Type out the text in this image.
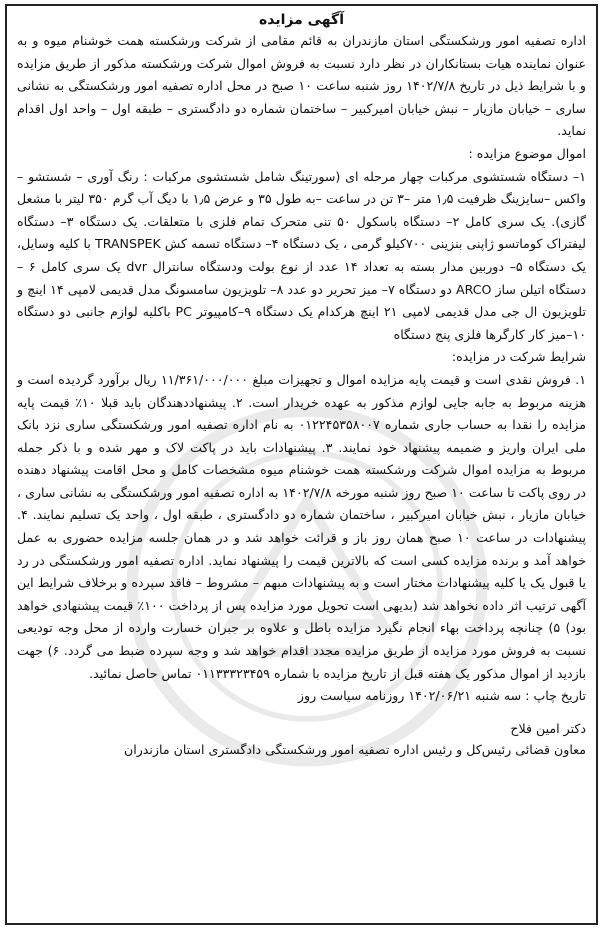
آگهی مزایده

اداره تصفیه امور ورشکستگی استان مازندران به قائم مقامی از شرکت ورشکسته همت خوشنام میوه و به عنوان نماینده هیات بستانکاران در نظر دارد نسبت به فروش اموال شرکت ورشکسته مذکور از طریق مزایده و با شرایط ذیل در تاریخ ۱۴۰۲/۷/۸ روز شنبه ساعت ۱۰ صبح در محل اداره تصفیه امور ورشکستگی به نشانی ساری – خیابان مازیار – نبش خیابان امیرکبیر – ساختمان شماره دو دادگستری – طبقه اول – واحد اول اقدام نماید.

اموال موضوع مزایده :

۱– دستگاه شستشوی مرکبات چهار مرحله ای (سورتینگ شامل شستشوی مرکبات : رنگ آوری – شستشو – واکس –سایزینگ ظرفیت ۱٫۵ متر –۳ تن در ساعت –به طول ۳۵ و عرض ۱٫۵ با دیگ آب گرم ۳۵۰ لیتر با مشعل گازی). یک سری کامل ۲– دستگاه باسکول ۵۰ تنی متحرک تمام فلزی با متعلقات. یک دستگاه ۳– دستگاه لیفتراک کوماتسو ژاپنی بنزینی ۷۰۰کیلو گرمی ، یک دستگاه ۴– دستگاه تسمه کش TRANSPEK با کلیه وسایل، یک دستگاه ۵– دوربین مدار بسته به تعداد ۱۴ عدد از نوع بولت ودستگاه سانترال dvr یک سری کامل ۶ – دستگاه اتیلن ساز ARCO دو دستگاه ۷– میز تحریر دو عدد ۸– تلویزیون سامسونگ مدل قدیمی لامپی ۱۴ اینچ و تلویزیون ال جی مدل قدیمی لامپی ۲۱ اینچ هرکدام یک دستگاه ۹–کامپیوتر PC باکلیه لوازم جانبی دو دستگاه ۱۰–میز کار کارگرها فلزی پنج دستگاه

شرایط شرکت در مزایده:

۱. فروش نقدی است و قیمت پایه مزایده اموال و تجهیزات مبلغ ۱۱/۳۶۱/۰۰۰/۰۰۰ ریال برآورد گردیده است و هزینه مربوط به جابه جایی لوازم مذکور به عهده خریدار است. ۲. پیشنهاددهندگان باید قبلا ۱۰٪ قیمت پایه مزایده را نقدا به حساب جاری شماره ۰۱۲۲۴۵۳۵۸۰۰۷ به نام اداره تصفیه امور ورشکستگی ساری نزد بانک ملی ایران واریز و ضمیمه پیشنهاد خود نمایند. ۳. پیشنهادات باید در پاکت لاک و مهر شده و با ذکر جمله مربوط به مزایده اموال شرکت ورشکسته همت خوشنام میوه مشخصات کامل و محل اقامت پیشنهاد دهنده در روی پاکت تا ساعت ۱۰ صبح روز شنبه مورخه ۱۴۰۲/۷/۸ به اداره تصفیه امور ورشکستگی به نشانی ساری ، خیابان مازیار ، نبش خیابان امیرکبیر ، ساختمان شماره دو دادگستری ، طبقه اول ، واحد یک تسلیم نمایند. ۴. پیشنهادات در ساعت ۱۰ صبح همان روز باز و قرائت خواهد شد و در همان جلسه مزایده حضوری به عمل خواهد آمد و برنده مزایده کسی است که بالاترین قیمت را پیشنهاد نماید. اداره تصفیه امور ورشکستگی در رد یا قبول یک یا کلیه پیشنهادات مختار است و به پیشنهادات مبهم – مشروط – فاقد سپرده و برخلاف شرایط این آگهی ترتیب اثر داده نخواهد شد (بدیهی است تحویل مورد مزایده پس از پرداخت ۱۰۰٪ قیمت پیشنهادی خواهد بود) ۵) چنانچه پرداخت بهاء انجام نگیرد مزایده باطل و علاوه بر جبران خسارت وارده از محل وجه تودیعی نسبت به فروش مورد مزایده از طریق مزایده مجدد اقدام خواهد شد و وجه سپرده ضبط می گردد. ۶) جهت بازدید از اموال مذکور یک هفته قبل از تاریخ مزایده با شماره ۰۱۱۳۳۳۲۳۴۵۹ تماس حاصل نمائید.

تاریخ چاپ : سه شنبه ۱۴۰۲/۰۶/۲۱ روزنامه سیاست روز

دکتر امین فلاح
معاون قضائی رئیس‌کل و رئیس اداره تصفیه امور ورشکستگی دادگستری استان مازندران
